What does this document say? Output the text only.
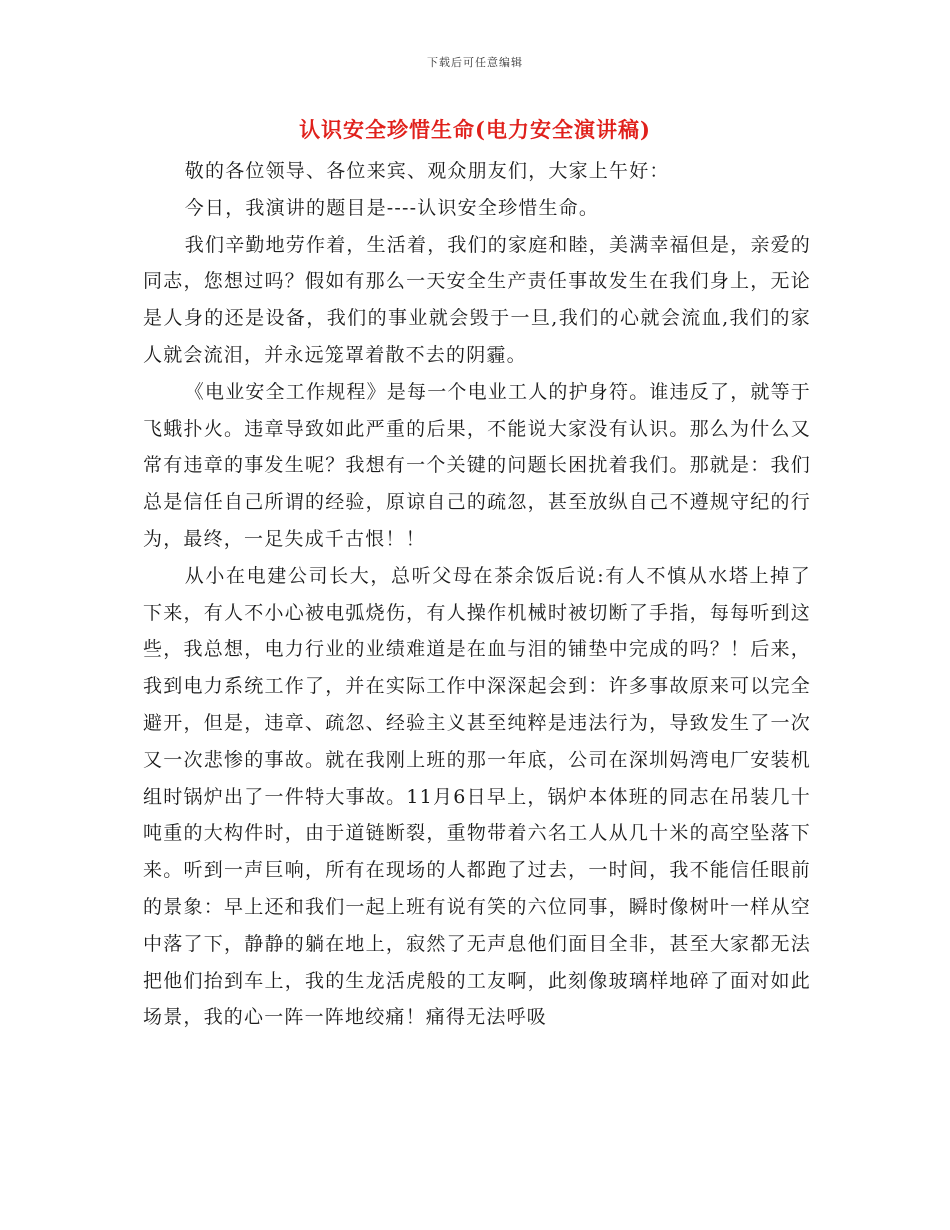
下载后可任意编辑
认识安全珍惜生命(电力安全演讲稿)

敬的各位领导、各位来宾、观众朋友们，大家上午好：

今日，我演讲的题目是----认识安全珍惜生命。

我们辛勤地劳作着，生活着，我们的家庭和睦，美满幸福但是，亲爱的同志，您想过吗？假如有那么一天安全生产责任事故发生在我们身上，无论是人身的还是设备，我们的事业就会毁于一旦,我们的心就会流血,我们的家人就会流泪，并永远笼罩着散不去的阴霾。

《电业安全工作规程》是每一个电业工人的护身符。谁违反了，就等于飞蛾扑火。违章导致如此严重的后果，不能说大家没有认识。那么为什么又常有违章的事发生呢？我想有一个关键的问题长困扰着我们。那就是：我们总是信任自己所谓的经验，原谅自己的疏忽，甚至放纵自己不遵规守纪的行为，最终，一足失成千古恨！！

从小在电建公司长大，总听父母在茶余饭后说:有人不慎从水塔上掉了下来，有人不小心被电弧烧伤，有人操作机械时被切断了手指，每每听到这些，我总想，电力行业的业绩难道是在血与泪的铺垫中完成的吗？！后来，我到电力系统工作了，并在实际工作中深深起会到：许多事故原来可以完全避开，但是，违章、疏忽、经验主义甚至纯粹是违法行为，导致发生了一次又一次悲惨的事故。就在我刚上班的那一年底，公司在深圳妈湾电厂安装机组时锅炉出了一件特大事故。11月6日早上，锅炉本体班的同志在吊装几十吨重的大构件时，由于道链断裂，重物带着六名工人从几十米的高空坠落下来。听到一声巨响，所有在现场的人都跑了过去，一时间，我不能信任眼前的景象：早上还和我们一起上班有说有笑的六位同事，瞬时像树叶一样从空中落了下，静静的躺在地上，寂然了无声息他们面目全非，甚至大家都无法把他们抬到车上，我的生龙活虎般的工友啊，此刻像玻璃样地碎了面对如此场景，我的心一阵一阵地绞痛！痛得无法呼吸
